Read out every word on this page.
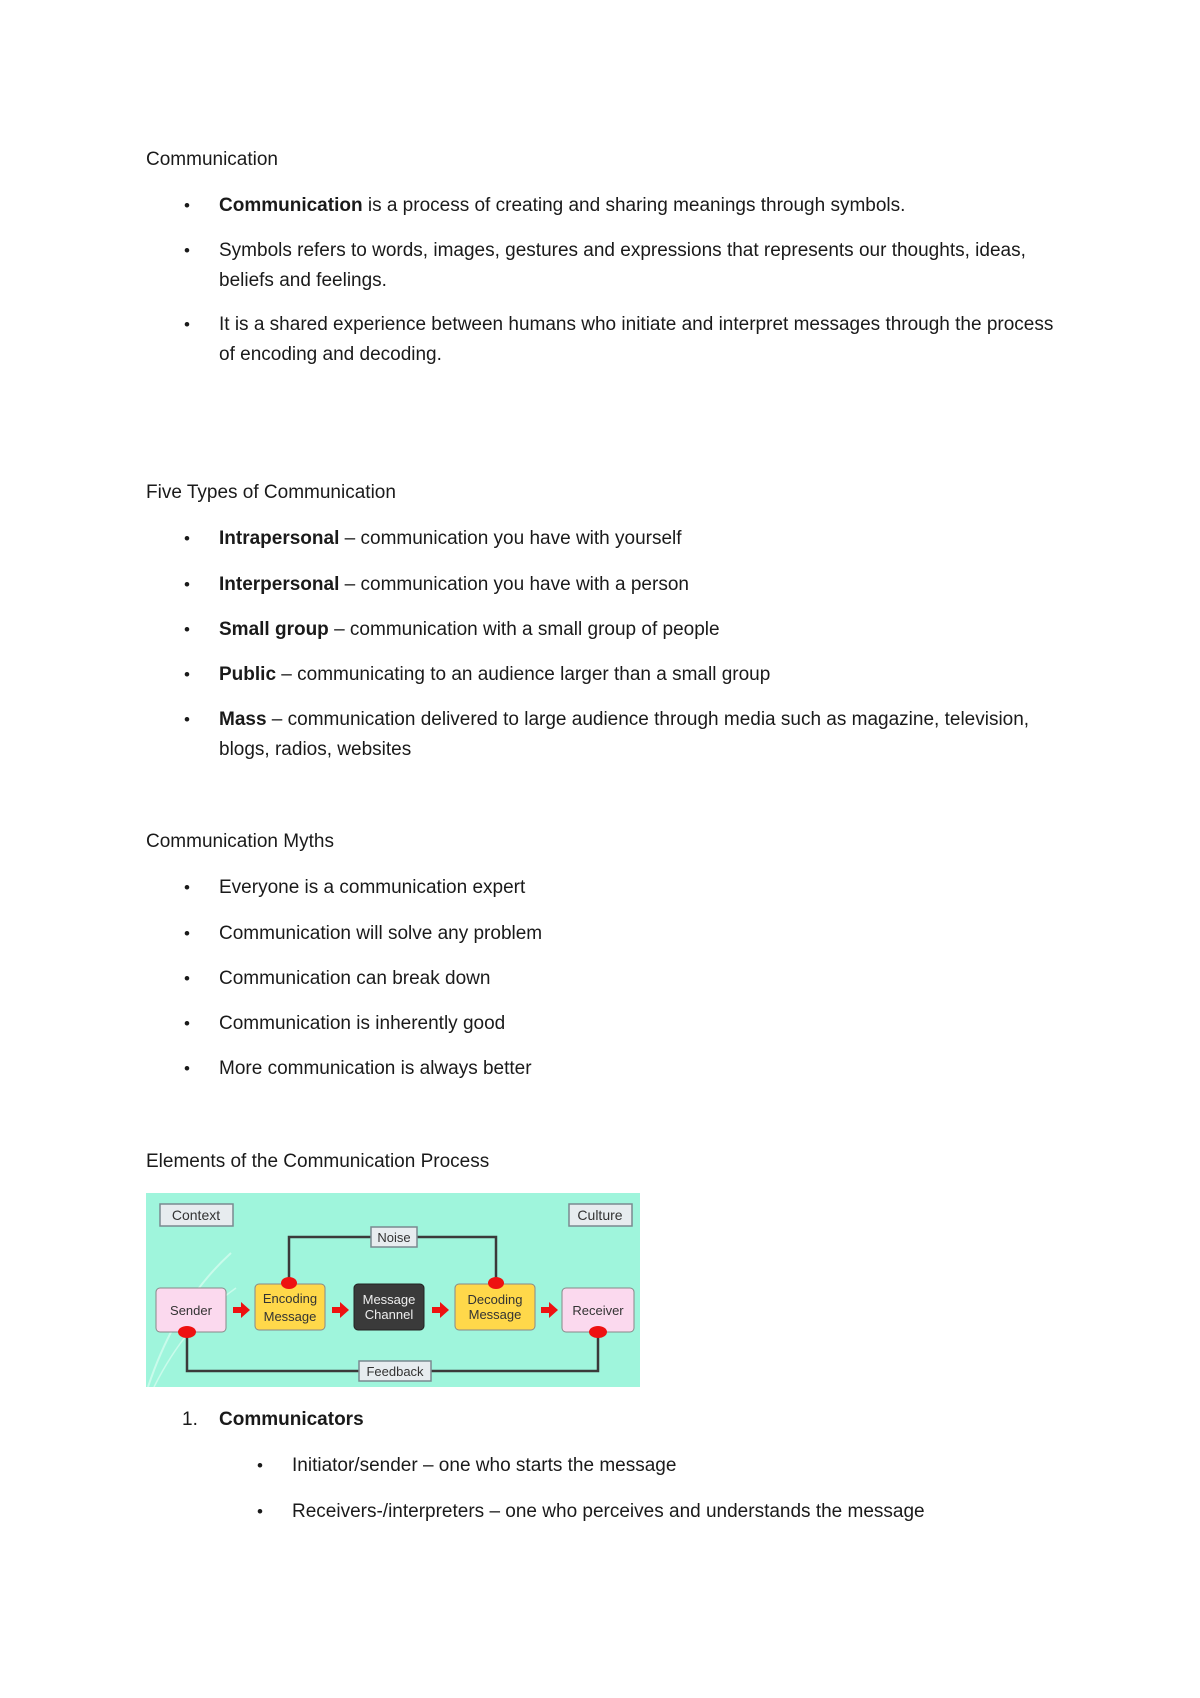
Communication
• Communication is a process of creating and sharing meanings through symbols.
• Symbols refers to words, images, gestures and expressions that represents our thoughts, ideas, beliefs and feelings.
• It is a shared experience between humans who initiate and interpret messages through the process of encoding and decoding.
Five Types of Communication
• Intrapersonal – communication you have with yourself
• Interpersonal – communication you have with a person
• Small group – communication with a small group of people
• Public – communicating to an audience larger than a small group
• Mass – communication delivered to large audience through media such as magazine, television, blogs, radios, websites
Communication Myths
• Everyone is a communication expert
• Communication will solve any problem
• Communication can break down
• Communication is inherently good
• More communication is always better
Elements of the Communication Process
Context	Culture
Noise
Feedback
Sender
Encoding
Message
Message
Channel
Decoding
Message	Receiver
1. Communicators
• Initiator/sender – one who starts the message
• Receivers-/interpreters – one who perceives and understands the message
